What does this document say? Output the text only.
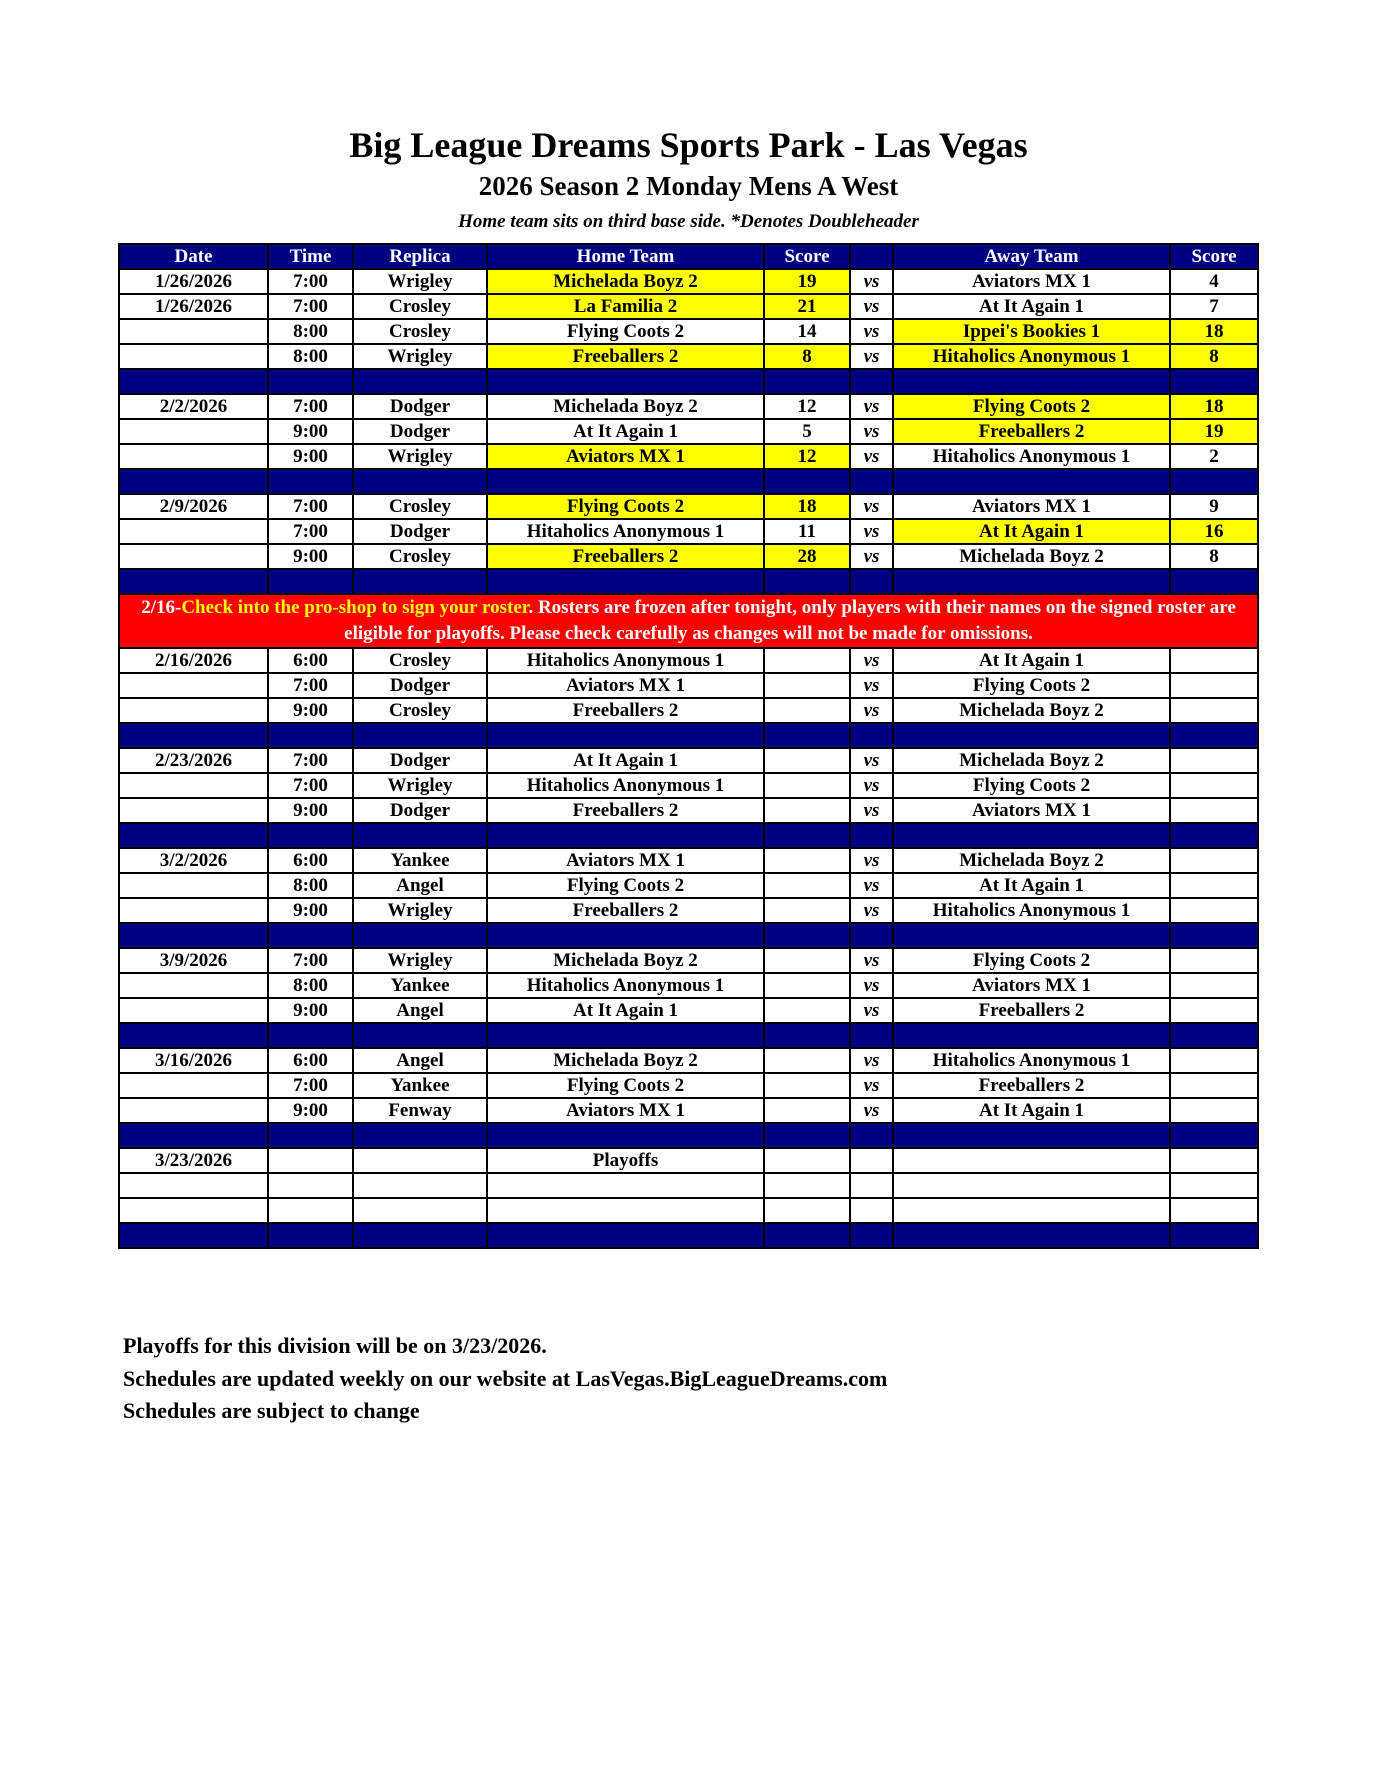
Big League Dreams Sports Park - Las Vegas
2026 Season 2 Monday Mens A West
Home team sits on third base side. *Denotes Doubleheader
Date	Time	Replica	Home Team	Score		Away Team	Score
1/26/2026	7:00	Wrigley	Michelada Boyz 2	19	vs	Aviators MX 1	4
1/26/2026	7:00	Crosley	La Familia 2	21	vs	At It Again 1	7
	8:00	Crosley	Flying Coots 2	14	vs	Ippei's Bookies 1	18
	8:00	Wrigley	Freeballers 2	8	vs	Hitaholics Anonymous 1	8

2/2/2026	7:00	Dodger	Michelada Boyz 2	12	vs	Flying Coots 2	18
	9:00	Dodger	At It Again 1	5	vs	Freeballers 2	19
	9:00	Wrigley	Aviators MX 1	12	vs	Hitaholics Anonymous 1	2

2/9/2026	7:00	Crosley	Flying Coots 2	18	vs	Aviators MX 1	9
	7:00	Dodger	Hitaholics Anonymous 1	11	vs	At It Again 1	16
	9:00	Crosley	Freeballers 2	28	vs	Michelada Boyz 2	8

2/16-Check into the pro-shop to sign your roster. Rosters are frozen after tonight, only players with their names on the signed roster are eligible for playoffs. Please check carefully as changes will not be made for omissions.							
2/16/2026	6:00	Crosley	Hitaholics Anonymous 1		vs	At It Again 1	
	7:00	Dodger	Aviators MX 1		vs	Flying Coots 2	
	9:00	Crosley	Freeballers 2		vs	Michelada Boyz 2	

2/23/2026	7:00	Dodger	At It Again 1		vs	Michelada Boyz 2	
	7:00	Wrigley	Hitaholics Anonymous 1		vs	Flying Coots 2	
	9:00	Dodger	Freeballers 2		vs	Aviators MX 1	

3/2/2026	6:00	Yankee	Aviators MX 1		vs	Michelada Boyz 2	
	8:00	Angel	Flying Coots 2		vs	At It Again 1	
	9:00	Wrigley	Freeballers 2		vs	Hitaholics Anonymous 1	

3/9/2026	7:00	Wrigley	Michelada Boyz 2		vs	Flying Coots 2	
	8:00	Yankee	Hitaholics Anonymous 1		vs	Aviators MX 1	
	9:00	Angel	At It Again 1		vs	Freeballers 2	

3/16/2026	6:00	Angel	Michelada Boyz 2		vs	Hitaholics Anonymous 1	
	7:00	Yankee	Flying Coots 2		vs	Freeballers 2	
	9:00	Fenway	Aviators MX 1		vs	At It Again 1	

3/23/2026			Playoffs				

Playoffs for this division will be on 3/23/2026.
Schedules are updated weekly on our website at LasVegas.BigLeagueDreams.com
Schedules are subject to change
